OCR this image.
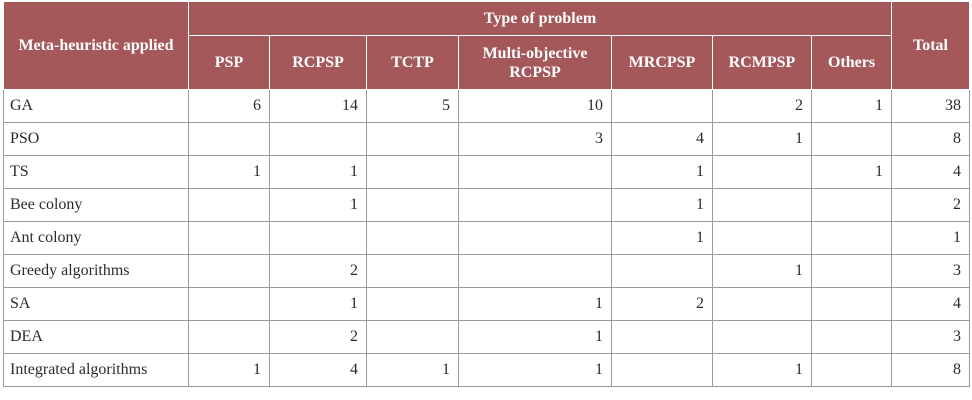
Meta-heuristic applied	Type of problem							Total
	PSP	RCPSP	TCTP	Multi-objective RCPSP	MRCPSP	RCMPSP	Others	
GA	6	14	5	10		2	1	38
PSO				3	4	1		8
TS	1	1			1		1	4
Bee colony		1			1			2
Ant colony					1			1
Greedy algorithms		2				1		3
SA		1		1	2			4
DEA		2		1				3
Integrated algorithms	1	4	1	1		1		8
